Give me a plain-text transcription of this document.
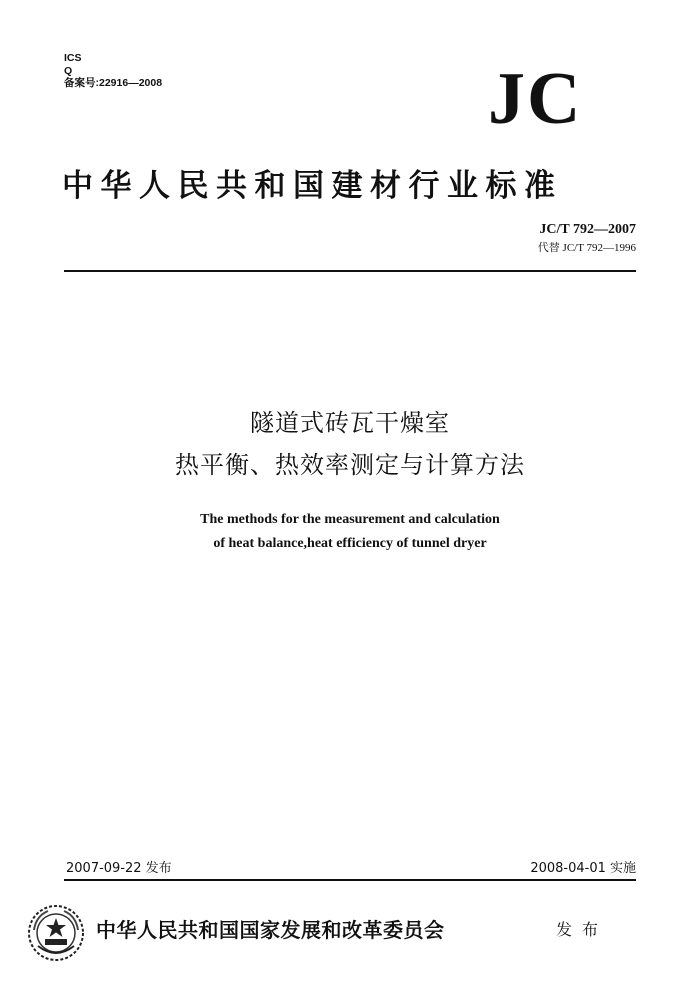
ICS
Q
备案号:22916—2008	JC
中华人民共和国建材行业标准
JC/T 792—2007
代替 JC/T 792—1996
隧道式砖瓦干燥室
热平衡、热效率测定与计算方法
The methods for the measurement and calculation
of heat balance,heat efficiency of tunnel dryer
2007-09-22 发布	2008-04-01 实施
中华人民共和国国家发展和改革委员会	发布
